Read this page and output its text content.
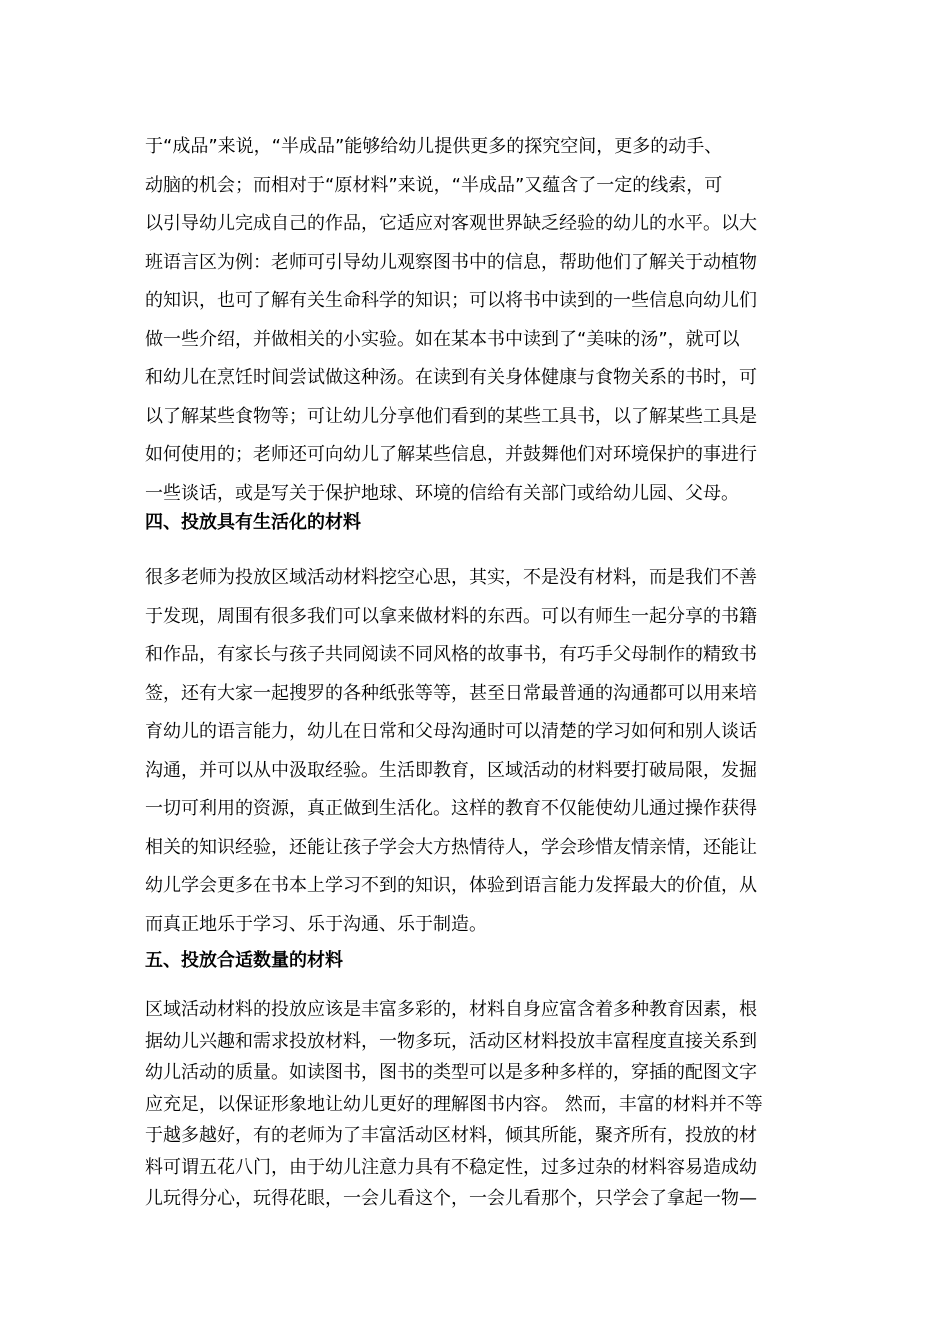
于“成品”来说，“半成品”能够给幼儿提供更多的探究空间，更多的动手、
动脑的机会；而相对于“原材料”来说，“半成品”又蕴含了一定的线索，可
以引导幼儿完成自己的作品，它适应对客观世界缺乏经验的幼儿的水平。以大
班语言区为例：老师可引导幼儿观察图书中的信息，帮助他们了解关于动植物
的知识，也可了解有关生命科学的知识；可以将书中读到的一些信息向幼儿们
做一些介绍，并做相关的小实验。如在某本书中读到了“美味的汤”，就可以
和幼儿在烹饪时间尝试做这种汤。在读到有关身体健康与食物关系的书时，可
以了解某些食物等；可让幼儿分享他们看到的某些工具书，以了解某些工具是
如何使用的；老师还可向幼儿了解某些信息，并鼓舞他们对环境保护的事进行
一些谈话，或是写关于保护地球、环境的信给有关部门或给幼儿园、父母。
四、投放具有生活化的材料
很多老师为投放区域活动材料挖空心思，其实，不是没有材料，而是我们不善
于发现，周围有很多我们可以拿来做材料的东西。可以有师生一起分享的书籍
和作品，有家长与孩子共同阅读不同风格的故事书，有巧手父母制作的精致书
签，还有大家一起搜罗的各种纸张等等，甚至日常最普通的沟通都可以用来培
育幼儿的语言能力，幼儿在日常和父母沟通时可以清楚的学习如何和别人谈话
沟通，并可以从中汲取经验。生活即教育，区域活动的材料要打破局限，发掘
一切可利用的资源，真正做到生活化。这样的教育不仅能使幼儿通过操作获得
相关的知识经验，还能让孩子学会大方热情待人，学会珍惜友情亲情，还能让
幼儿学会更多在书本上学习不到的知识，体验到语言能力发挥最大的价值，从
而真正地乐于学习、乐于沟通、乐于制造。
五、投放合适数量的材料
区域活动材料的投放应该是丰富多彩的，材料自身应富含着多种教育因素，根
据幼儿兴趣和需求投放材料，一物多玩，活动区材料投放丰富程度直接关系到
幼儿活动的质量。如读图书，图书的类型可以是多种多样的，穿插的配图文字
应充足，以保证形象地让幼儿更好的理解图书内容。 然而，丰富的材料并不等
于越多越好，有的老师为了丰富活动区材料，倾其所能，聚齐所有，投放的材
料可谓五花八门，由于幼儿注意力具有不稳定性，过多过杂的材料容易造成幼
儿玩得分心，玩得花眼，一会儿看这个，一会儿看那个，只学会了拿起一物—
